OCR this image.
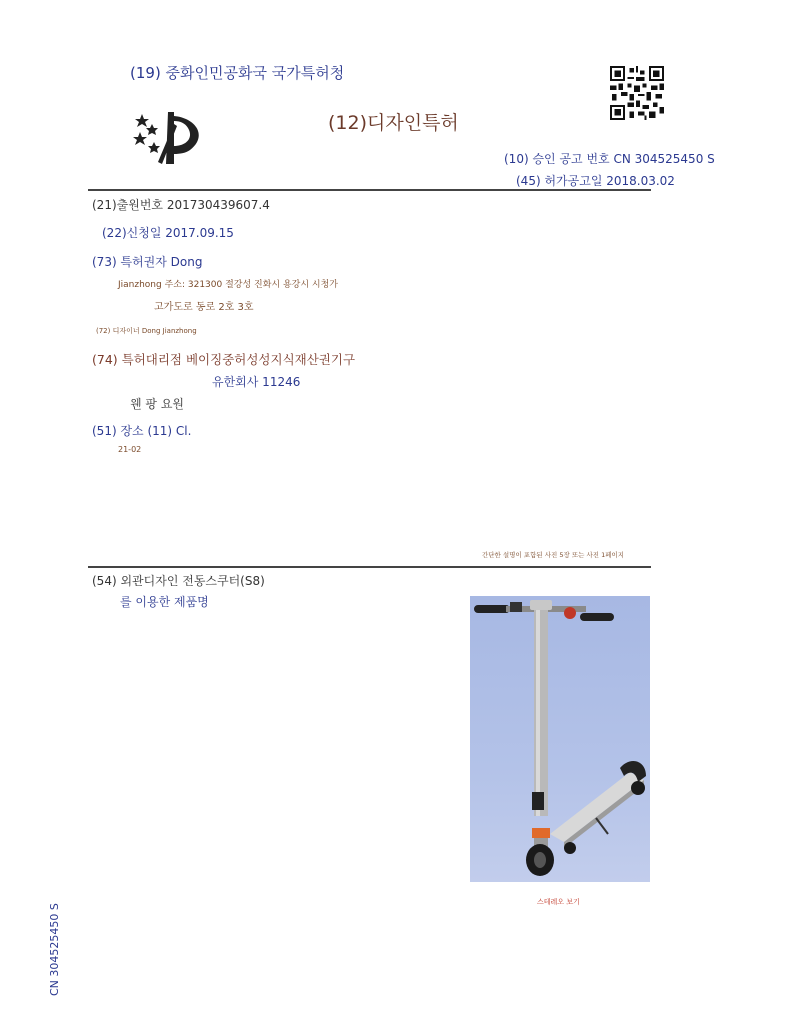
(19) 중화인민공화국 국가특허청
(12)디자인특허
(10) 승인 공고 번호 CN 304525450 S
(45) 허가공고일 2018.03.02
(21)출원번호 201730439607.4
(22)신청일 2017.09.15
(73) 특허권자 Dong
Jianzhong 주소: 321300 절강성 진화시 용강시 시청가
고가도로 동로 2호 3호
(72) 디자이너 Dong Jianzhong
(74) 특허대리점 베이징중허성성지식재산권기구
유한회사 11246
웬 팡 요원
(51) 장소 (11) Cl.
21-02
간단한 설명이 포함된 사진 5장 또는 사진 1페이지
(54) 외관디자인 전동스쿠터(S8)
를 이용한 제품명
스테레오 보기
CN 304525450 S
